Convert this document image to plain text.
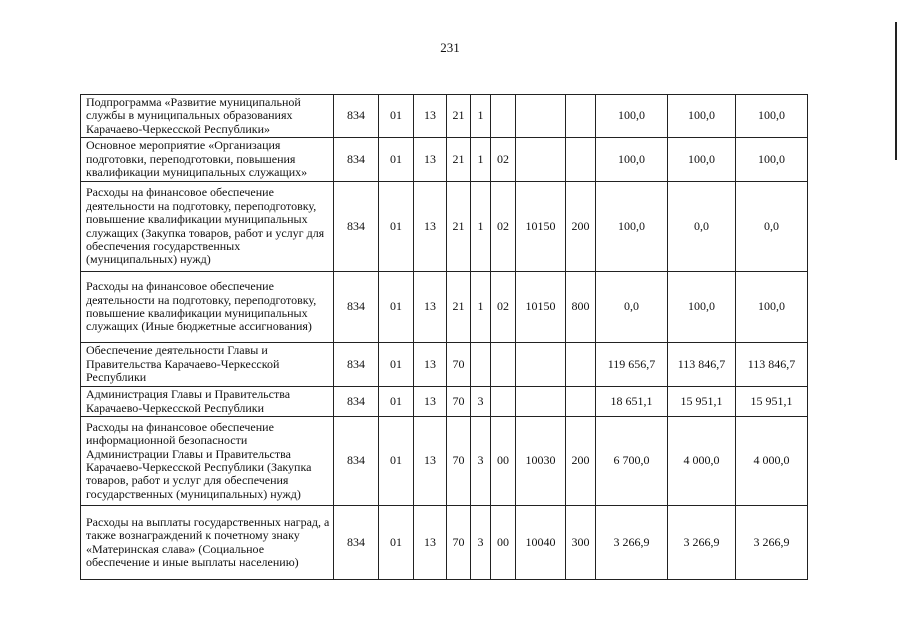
231
Подпрограмма «Развитие муниципальной службы в муниципальных образованиях Карачаево-Черкесской Республики»	834	01	13	21	1				100,0	100,0	100,0
Основное мероприятие «Организация подготовки, переподготовки, повышения квалификации муниципальных служащих»	834	01	13	21	1	02			100,0	100,0	100,0
Расходы на финансовое обеспечение деятельности на подготовку, переподготовку, повышение квалификации муниципальных служащих (Закупка товаров, работ и услуг для обеспечения государственных (муниципальных) нужд)	834	01	13	21	1	02	10150	200	100,0	0,0	0,0
Расходы на финансовое обеспечение деятельности на подготовку, переподготовку, повышение квалификации муниципальных служащих (Иные бюджетные ассигнования)	834	01	13	21	1	02	10150	800	0,0	100,0	100,0
Обеспечение деятельности Главы и Правительства Карачаево-Черкесской Республики	834	01	13	70					119 656,7	113 846,7	113 846,7
Администрация Главы и Правительства Карачаево-Черкесской Республики	834	01	13	70	3				18 651,1	15 951,1	15 951,1
Расходы на финансовое обеспечение информационной безопасности Администрации Главы и Правительства Карачаево-Черкесской Республики (Закупка товаров, работ и услуг для обеспечения государственных (муниципальных) нужд)	834	01	13	70	3	00	10030	200	6 700,0	4 000,0	4 000,0
Расходы на выплаты государственных наград, а также вознаграждений к почетному знаку «Материнская слава» (Социальное обеспечение и иные выплаты населению)	834	01	13	70	3	00	10040	300	3 266,9	3 266,9	3 266,9
